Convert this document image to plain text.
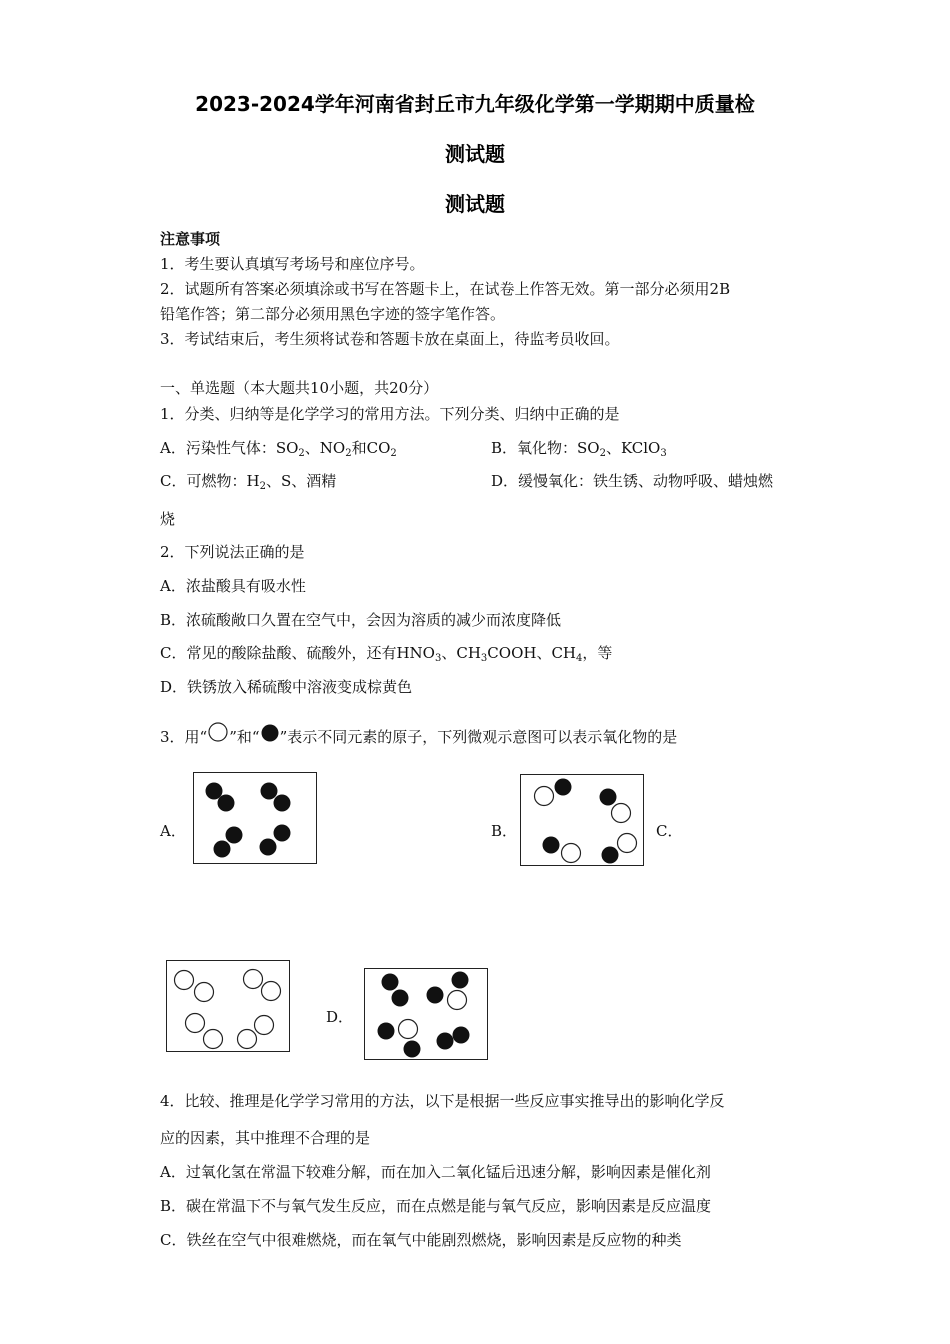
2023-2024学年河南省封丘市九年级化学第一学期期中质量检
测试题
测试题
注意事项
1．考生要认真填写考场号和座位序号。
2．试题所有答案必须填涂或书写在答题卡上，在试卷上作答无效。第一部分必须用2B
铅笔作答；第二部分必须用黑色字迹的签字笔作答。
3．考试结束后，考生须将试卷和答题卡放在桌面上，待监考员收回。
一、单选题（本大题共10小题，共20分）
1．分类、归纳等是化学学习的常用方法。下列分类、归纳中正确的是
A．污染性气体：$SO_2$、$NO_2$和$CO_2$	B．氧化物：$SO_2$、KClO$_3$
C．可燃物：$H_2$、S、酒精	D．缓慢氧化：铁生锈、动物呼吸、蜡烛燃
烧
2．下列说法正确的是
A．浓盐酸具有吸水性
B．浓硫酸敞口久置在空气中，会因为溶质的减少而浓度降低
C．常见的酸除盐酸、硫酸外，还有$HNO_3$、$CH_3COOH$、$CH_4$，等
D．铁锈放入稀硫酸中溶液变成棕黄色
3．用“ ”和“ ”表示不同元素的原子，下列微观示意图可以表示氧化物的是
A．	B．	C．
D．
4．比较、推理是化学学习常用的方法，以下是根据一些反应事实推导出的影响化学反
应的因素，其中推理不合理的是
A．过氧化氢在常温下较难分解，而在加入二氧化锰后迅速分解，影响因素是催化剂
B．碳在常温下不与氧气发生反应，而在点燃是能与氧气反应，影响因素是反应温度
C．铁丝在空气中很难燃烧，而在氧气中能剧烈燃烧，影响因素是反应物的种类
